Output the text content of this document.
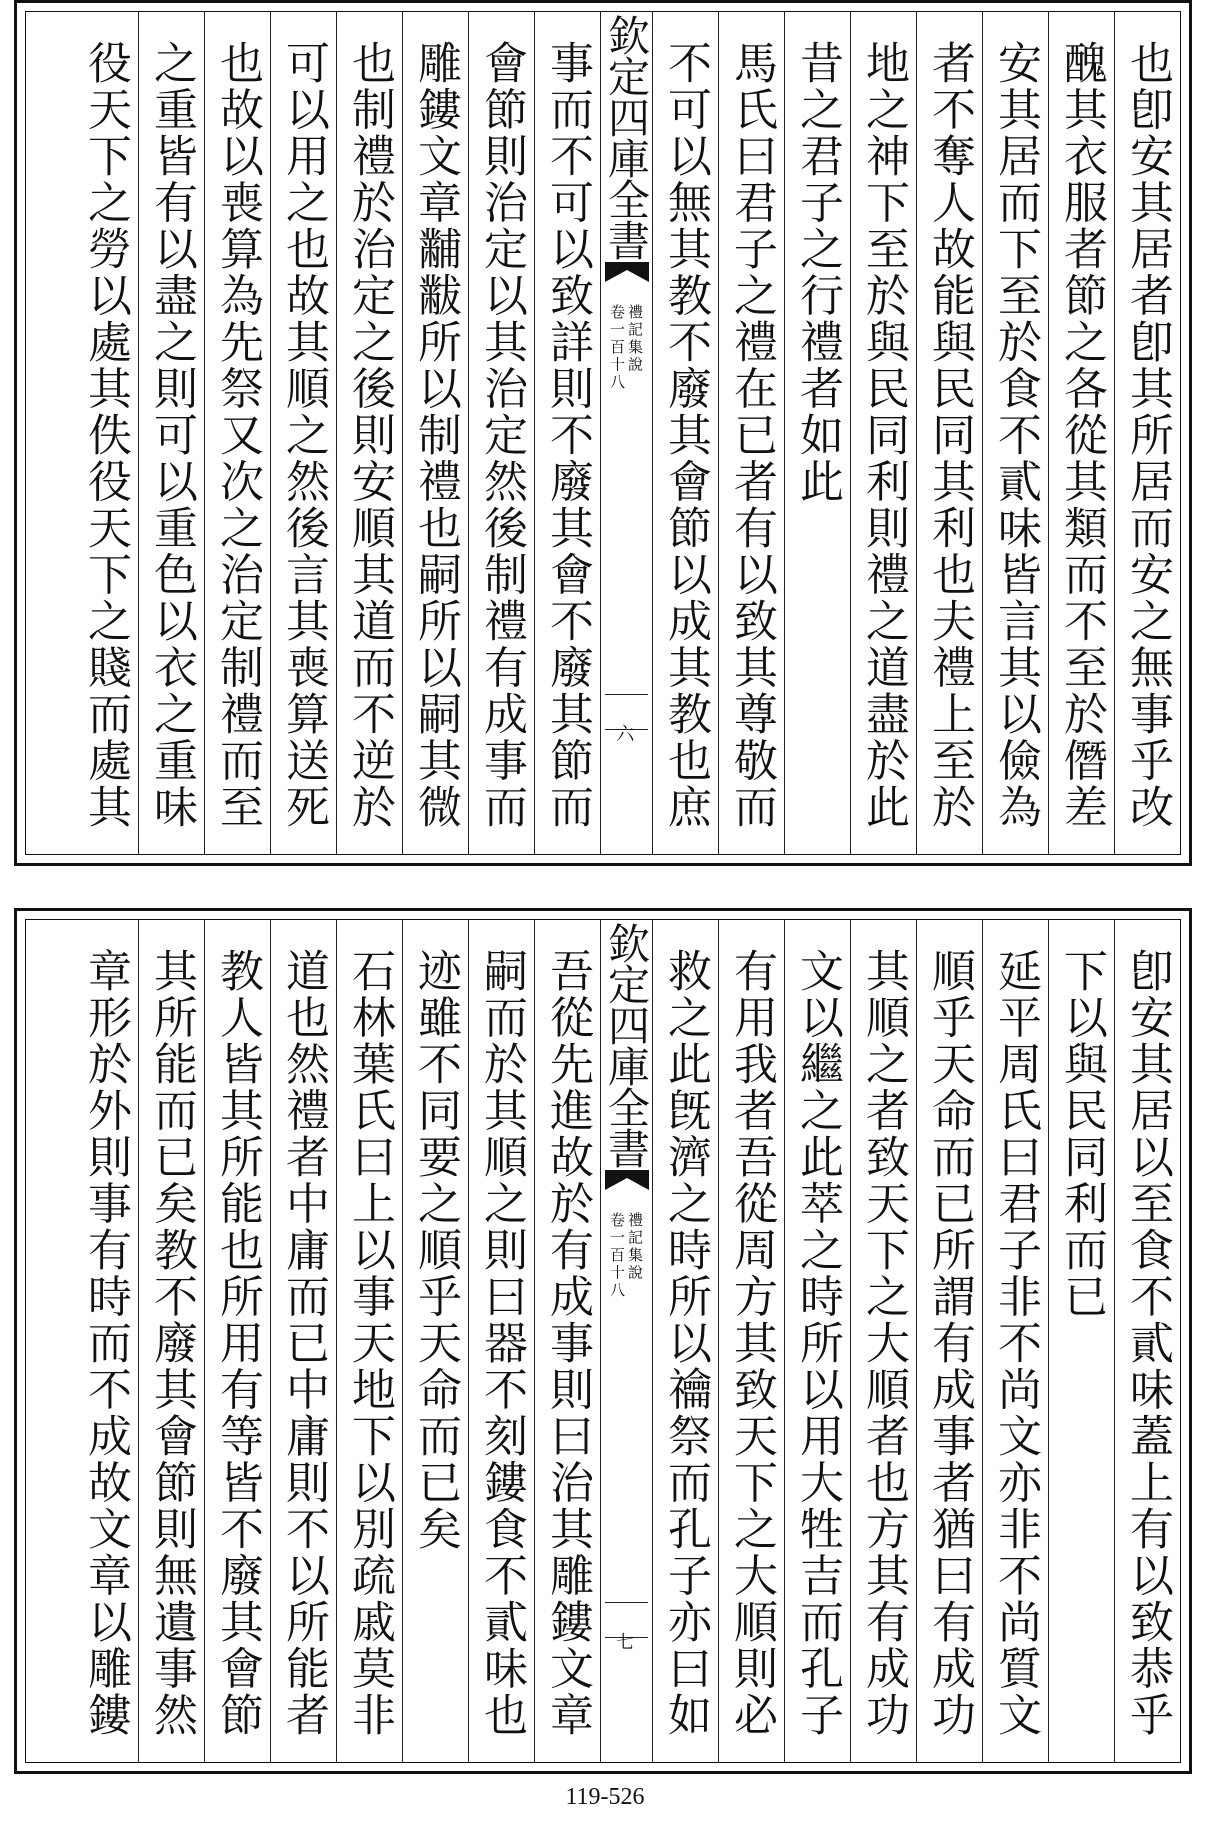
也卽安其居者卽其所居而安之無事乎改
醜其衣服者節之各從其類而不至於僭差
安其居而下至於食不貳味皆言其以儉為
者不奪人故能與民同其利也夫禮上至於
地之神下至於與民同利則禮之道盡於此
昔之君子之行禮者如此
馬氏曰君子之禮在已者有以致其尊敬而
不可以無其教不廢其會節以成其教也庶
欽定四庫全書
禮記集說
卷一百十八
六
事而不可以致詳則不廢其會不廢其節而
會節則治定以其治定然後制禮有成事而
雕鏤文章黼黻所以制禮也嗣所以嗣其微
也制禮於治定之後則安順其道而不逆於
可以用之也故其順之然後言其喪算送死
也故以喪算為先祭又次之治定制禮而至
之重皆有以盡之則可以重色以衣之重味
役天下之勞以處其佚役天下之賤而處其
卽安其居以至食不貳味蓋上有以致恭乎
下以與民同利而已
延平周氏曰君子非不尚文亦非不尚質文
順乎天命而已所謂有成事者猶曰有成功
其順之者致天下之大順者也方其有成功
文以繼之此萃之時所以用大牲吉而孔子
有用我者吾從周方其致天下之大順則必
救之此旣濟之時所以禴祭而孔子亦曰如
欽定四庫全書
禮記集說
卷一百十八
七
吾從先進故於有成事則曰治其雕鏤文章
嗣而於其順之則曰器不刻鏤食不貳味也
迹雖不同要之順乎天命而已矣
石林葉氏曰上以事天地下以別疏戚莫非
道也然禮者中庸而已中庸則不以所能者
教人皆其所能也所用有等皆不廢其會節
其所能而已矣教不廢其會節則無遺事然
章形於外則事有時而不成故文章以雕鏤
119-526
